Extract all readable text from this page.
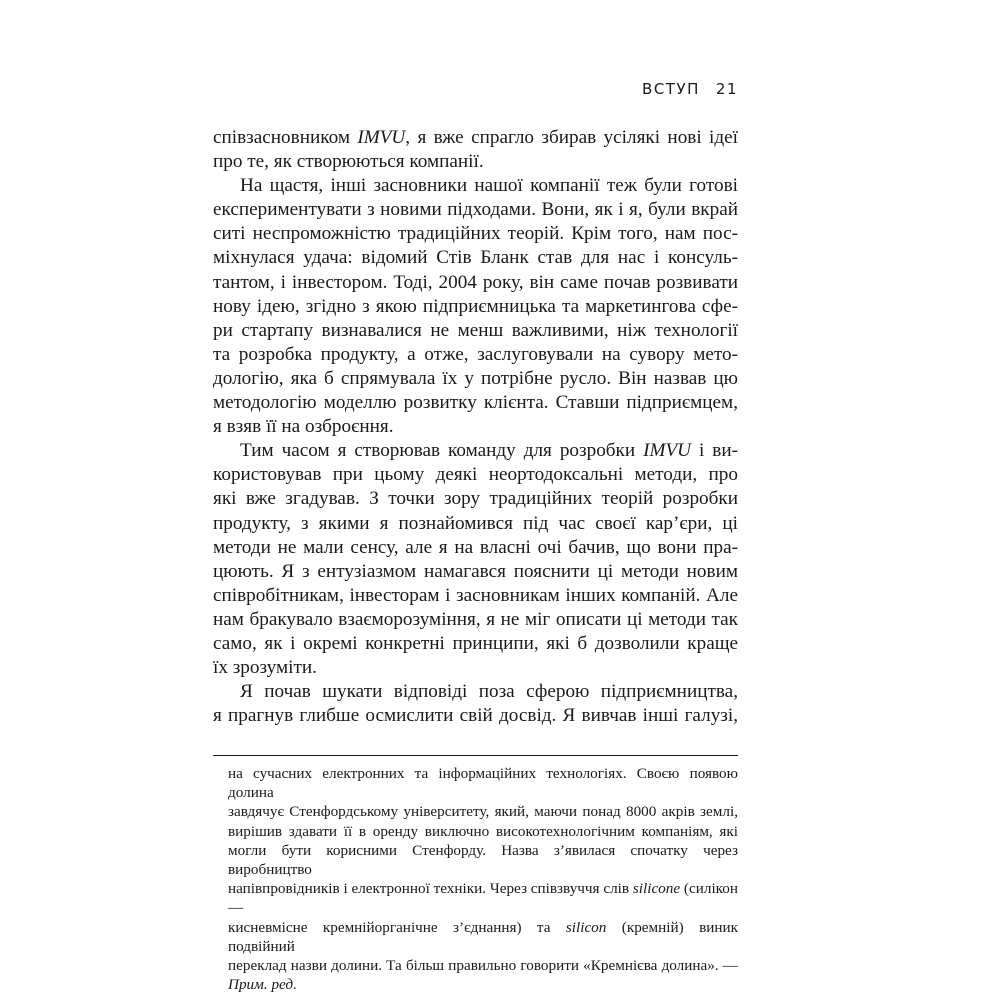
ВСТУП 21
співзасновником IMVU, я вже спрагло збирав усілякі нові ідеї
про те, як створюються компанії.
На щастя, інші засновники нашої компанії теж були готові
експериментувати з новими підходами. Вони, як і я, були вкрай
ситі неспроможністю традиційних теорій. Крім того, нам пос-
міхнулася удача: відомий Стів Бланк став для нас і консуль-
тантом, і інвестором. Тоді, 2004 року, він саме почав розвивати
нову ідею, згідно з якою підприємницька та маркетингова сфе-
ри стартапу визнавалися не менш важливими, ніж технології
та розробка продукту, а отже, заслуговували на сувору мето-
дологію, яка б спрямувала їх у потрібне русло. Він назвав цю
методологію моделлю розвитку клієнта. Ставши підприємцем,
я взяв її на озброєння.
Тим часом я створював команду для розробки IMVU і ви-
користовував при цьому деякі неортодоксальні методи, про
які вже згадував. З точки зору традиційних теорій розробки
продукту, з якими я познайомився під час своєї кар’єри, ці
методи не мали сенсу, але я на власні очі бачив, що вони пра-
цюють. Я з ентузіазмом намагався пояснити ці методи новим
співробітникам, інвесторам і засновникам інших компаній. Але
нам бракувало взаєморозуміння, я не міг описати ці методи так
само, як і окремі конкретні принципи, які б дозволили краще
їх зрозуміти.
Я почав шукати відповіді поза сферою підприємництва,
я прагнув глибше осмислити свій досвід. Я вивчав інші галузі,
на сучасних електронних та інформаційних технологіях. Своєю появою долина
завдячує Стенфордському університету, який, маючи понад 8000 акрів землі,
вирішив здавати її в оренду виключно високотехнологічним компаніям, які
могли бути корисними Стенфорду. Назва з’явилася спочатку через виробництво
напівпровідників і електронної техніки. Через співзвуччя слів silicone (силікон —
кисневмісне кремнійорганічне з’єднання) та silicon (кремній) виник подвійний
переклад назви долини. Та більш правильно говорити «Кремнієва долина». —
Прим. ред.
